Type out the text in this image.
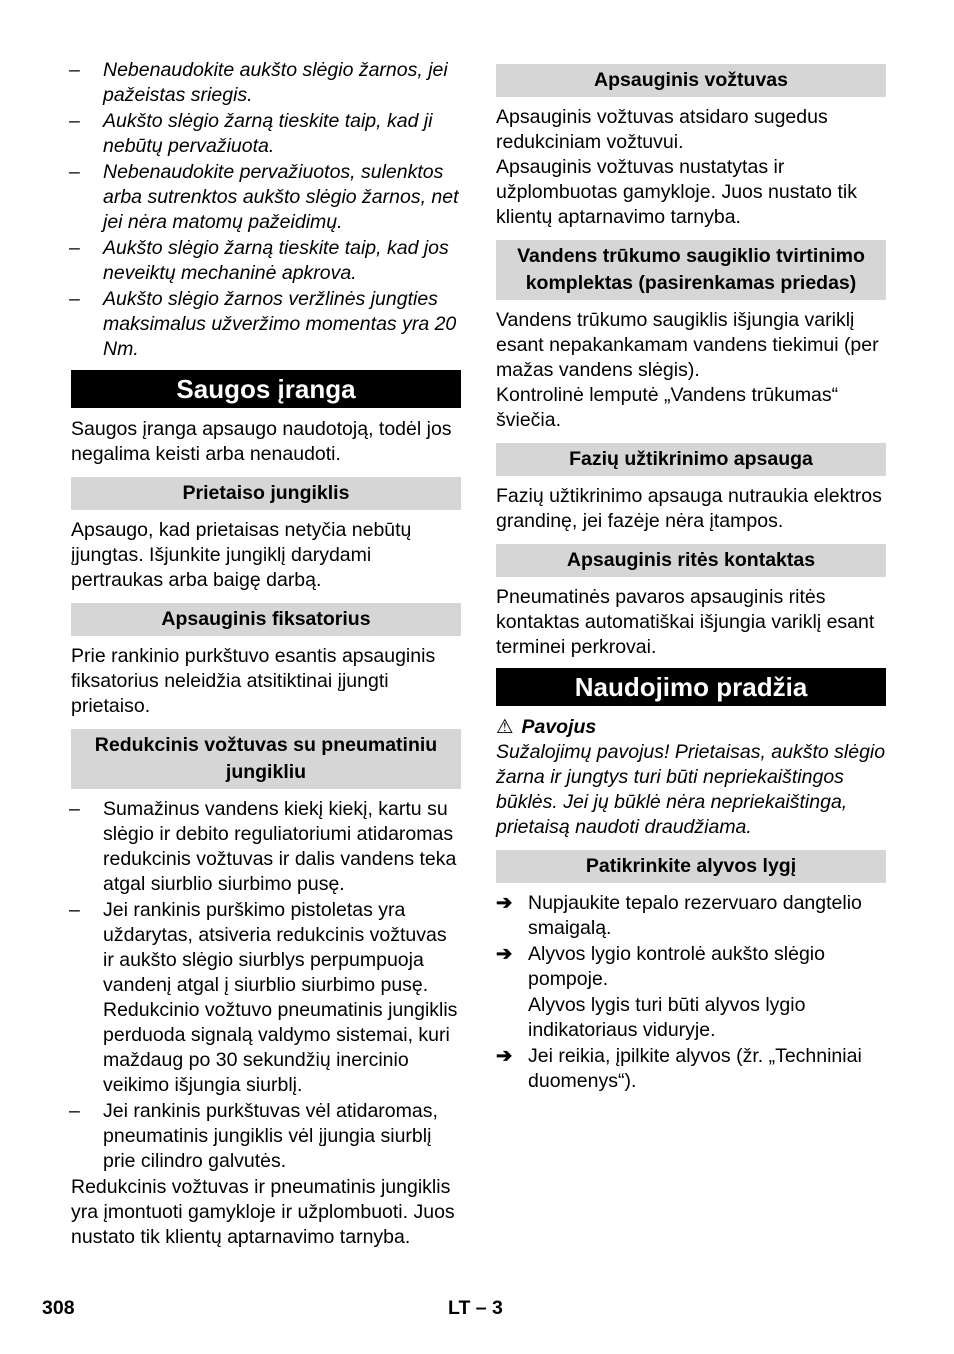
– Nebenaudokite aukšto slėgio žarnos, jei pažeistas sriegis.
– Aukšto slėgio žarną tieskite taip, kad ji nebūtų pervažiuota.
– Nebenaudokite pervažiuotos, sulenktos arba sutrenktos aukšto slėgio žarnos, net jei nėra matomų pažeidimų.
– Aukšto slėgio žarną tieskite taip, kad jos neveiktų mechaninė apkrova.
– Aukšto slėgio žarnos veržlinės jungties maksimalus užveržimo momentas yra 20 Nm.
Saugos įranga

Saugos įranga apsaugo naudotoją, todėl jos negalima keisti arba nenaudoti.

Prietaiso jungiklis

Apsaugo, kad prietaisas netyčia nebūtų įjungtas. Išjunkite jungiklį darydami pertraukas arba baigę darbą.

Apsauginis fiksatorius

Prie rankinio purkštuvo esantis apsauginis fiksatorius neleidžia atsitiktinai įjungti prietaiso.

Redukcinis vožtuvas su pneumatiniu jungikliu
– Sumažinus vandens kiekį kiekį, kartu su slėgio ir debito reguliatoriumi atidaromas redukcinis vožtuvas ir dalis vandens teka atgal siurblio siurbimo pusę.
– Jei rankinis purškimo pistoletas yra uždarytas, atsiveria redukcinis vožtuvas ir aukšto slėgio siurblys perpumpuoja vandenį atgal į siurblio siurbimo pusę. Redukcinio vožtuvo pneumatinis jungiklis perduoda signalą valdymo sistemai, kuri maždaug po 30 sekundžių inercinio veikimo išjungia siurblį.
– Jei rankinis purkštuvas vėl atidaromas, pneumatinis jungiklis vėl įjungia siurblį prie cilindro galvutės.

Redukcinis vožtuvas ir pneumatinis jungiklis yra įmontuoti gamykloje ir užplombuoti. Juos nustato tik klientų aptarnavimo tarnyba.

Apsauginis vožtuvas

Apsauginis vožtuvas atsidaro sugedus redukciniam vožtuvui.

Apsauginis vožtuvas nustatytas ir užplombuotas gamykloje. Juos nustato tik klientų aptarnavimo tarnyba.

Vandens trūkumo saugiklio tvirtinimo komplektas (pasirenkamas priedas)

Vandens trūkumo saugiklis išjungia variklį esant nepakankamam vandens tiekimui (per mažas vandens slėgis).

Kontrolinė lemputė „Vandens trūkumas“ šviečia.

Fazių užtikrinimo apsauga

Fazių užtikrinimo apsauga nutraukia elektros grandinę, jei fazėje nėra įtampos.

Apsauginis ritės kontaktas

Pneumatinės pavaros apsauginis ritės kontaktas automatiškai išjungia variklį esant terminei perkrovai.

Naudojimo pradžia
⚠ Pavojus

Sužalojimų pavojus! Prietaisas, aukšto slėgio žarna ir jungtys turi būti nepriekaištingos būklės. Jei jų būklė nėra nepriekaištinga, prietaisą naudoti draudžiama.

Patikrinkite alyvos lygį
➔ Nupjaukite tepalo rezervuaro dangtelio smaigalą.
➔ Alyvos lygio kontrolė aukšto slėgio pompoje.
Alyvos lygis turi būti alyvos lygio indikatoriaus viduryje.
➔ Jei reikia, įpilkite alyvos (žr. „Techniniai duomenys“).
308	LT – 3
